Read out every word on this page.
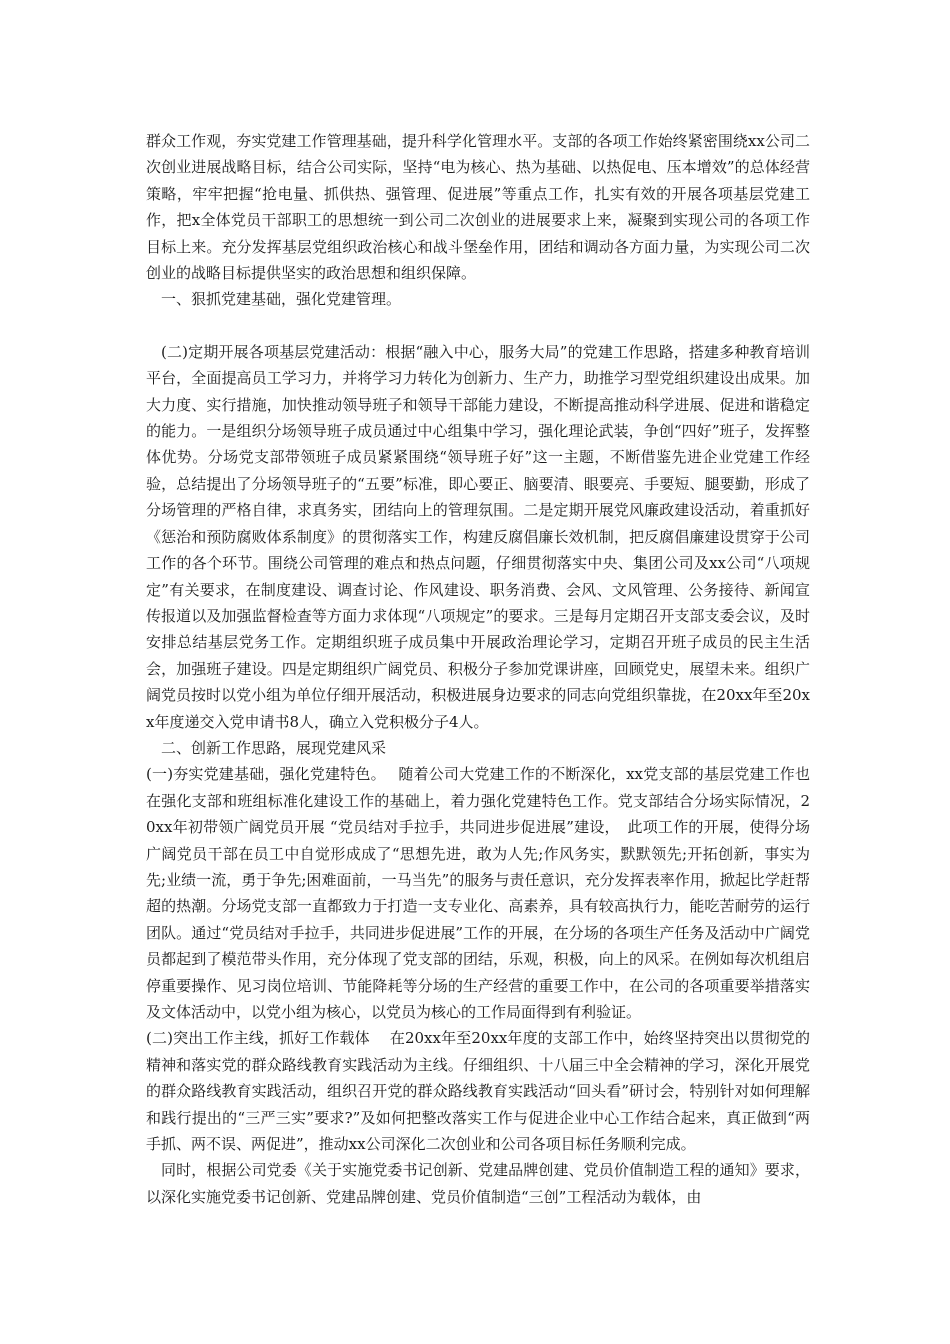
群众工作观，夯实党建工作管理基础，提升科学化管理水平。支部的各项工作始终紧密围绕xx公司二次创业进展战略目标，结合公司实际，坚持“电为核心、热为基础、以热促电、压本增效”的总体经营策略，牢牢把握“抢电量、抓供热、强管理、促进展”等重点工作，扎实有效的开展各项基层党建工作，把x全体党员干部职工的思想统一到公司二次创业的进展要求上来，凝聚到实现公司的各项工作目标上来。充分发挥基层党组织政治核心和战斗堡垒作用，团结和调动各方面力量，为实现公司二次创业的战略目标提供坚实的政治思想和组织保障。

一、狠抓党建基础，强化党建管理。

(二)定期开展各项基层党建活动：根据“融入中心，服务大局”的党建工作思路，搭建多种教育培训平台，全面提高员工学习力，并将学习力转化为创新力、生产力，助推学习型党组织建设出成果。加大力度、实行措施，加快推动领导班子和领导干部能力建设，不断提高推动科学进展、促进和谐稳定的能力。一是组织分场领导班子成员通过中心组集中学习，强化理论武装，争创“四好”班子，发挥整体优势。分场党支部带领班子成员紧紧围绕“领导班子好”这一主题，不断借鉴先进企业党建工作经验，总结提出了分场领导班子的“五要”标准，即心要正、脑要清、眼要亮、手要短、腿要勤，形成了分场管理的严格自律，求真务实，团结向上的管理氛围。二是定期开展党风廉政建设活动，着重抓好《惩治和预防腐败体系制度》的贯彻落实工作，构建反腐倡廉长效机制，把反腐倡廉建设贯穿于公司工作的各个环节。围绕公司管理的难点和热点问题，仔细贯彻落实中央、集团公司及xx公司“八项规定”有关要求，在制度建设、调查讨论、作风建设、职务消费、会风、文风管理、公务接待、新闻宣传报道以及加强监督检查等方面力求体现“八项规定”的要求。三是每月定期召开支部支委会议，及时安排总结基层党务工作。定期组织班子成员集中开展政治理论学习，定期召开班子成员的民主生活会，加强班子建设。四是定期组织广阔党员、积极分子参加党课讲座，回顾党史，展望未来。组织广阔党员按时以党小组为单位仔细开展活动，积极进展身边要求的同志向党组织靠拢，在20xx年至20xx年度递交入党申请书8人，确立入党积极分子4人。

二、创新工作思路，展现党建风采

(一)夯实党建基础，强化党建特色。　 随着公司大党建工作的不断深化，xx党支部的基层党建工作也在强化支部和班组标准化建设工作的基础上，着力强化党建特色工作。党支部结合分场实际情况，20xx年初带领广阔党员开展 “党员结对手拉手，共同进步促进展”建设，　此项工作的开展，使得分场广阔党员干部在员工中自觉形成成了“思想先进，敢为人先;作风务实，默默领先;开拓创新，事实为先;业绩一流，勇于争先;困难面前，一马当先”的服务与责任意识，充分发挥表率作用，掀起比学赶帮超的热潮。分场党支部一直都致力于打造一支专业化、高素养，具有较高执行力，能吃苦耐劳的运行团队。通过“党员结对手拉手，共同进步促进展”工作的开展，在分场的各项生产任务及活动中广阔党员都起到了模范带头作用，充分体现了党支部的团结，乐观，积极，向上的风采。在例如每次机组启停重要操作、见习岗位培训、节能降耗等分场的生产经营的重要工作中，在公司的各项重要举措落实及文体活动中，以党小组为核心，以党员为核心的工作局面得到有利验证。

(二)突出工作主线，抓好工作载体　 在20xx年至20xx年度的支部工作中，始终坚持突出以贯彻党的精神和落实党的群众路线教育实践活动为主线。仔细组织、十八届三中全会精神的学习，深化开展党的群众路线教育实践活动，组织召开党的群众路线教育实践活动“回头看”研讨会，特别针对如何理解和践行提出的“三严三实”要求?”及如何把整改落实工作与促进企业中心工作结合起来，真正做到“两手抓、两不误、两促进”，推动xx公司深化二次创业和公司各项目标任务顺利完成。

同时，根据公司党委《关于实施党委书记创新、党建品牌创建、党员价值制造工程的通知》要求，以深化实施党委书记创新、党建品牌创建、党员价值制造“三创”工程活动为载体，由
